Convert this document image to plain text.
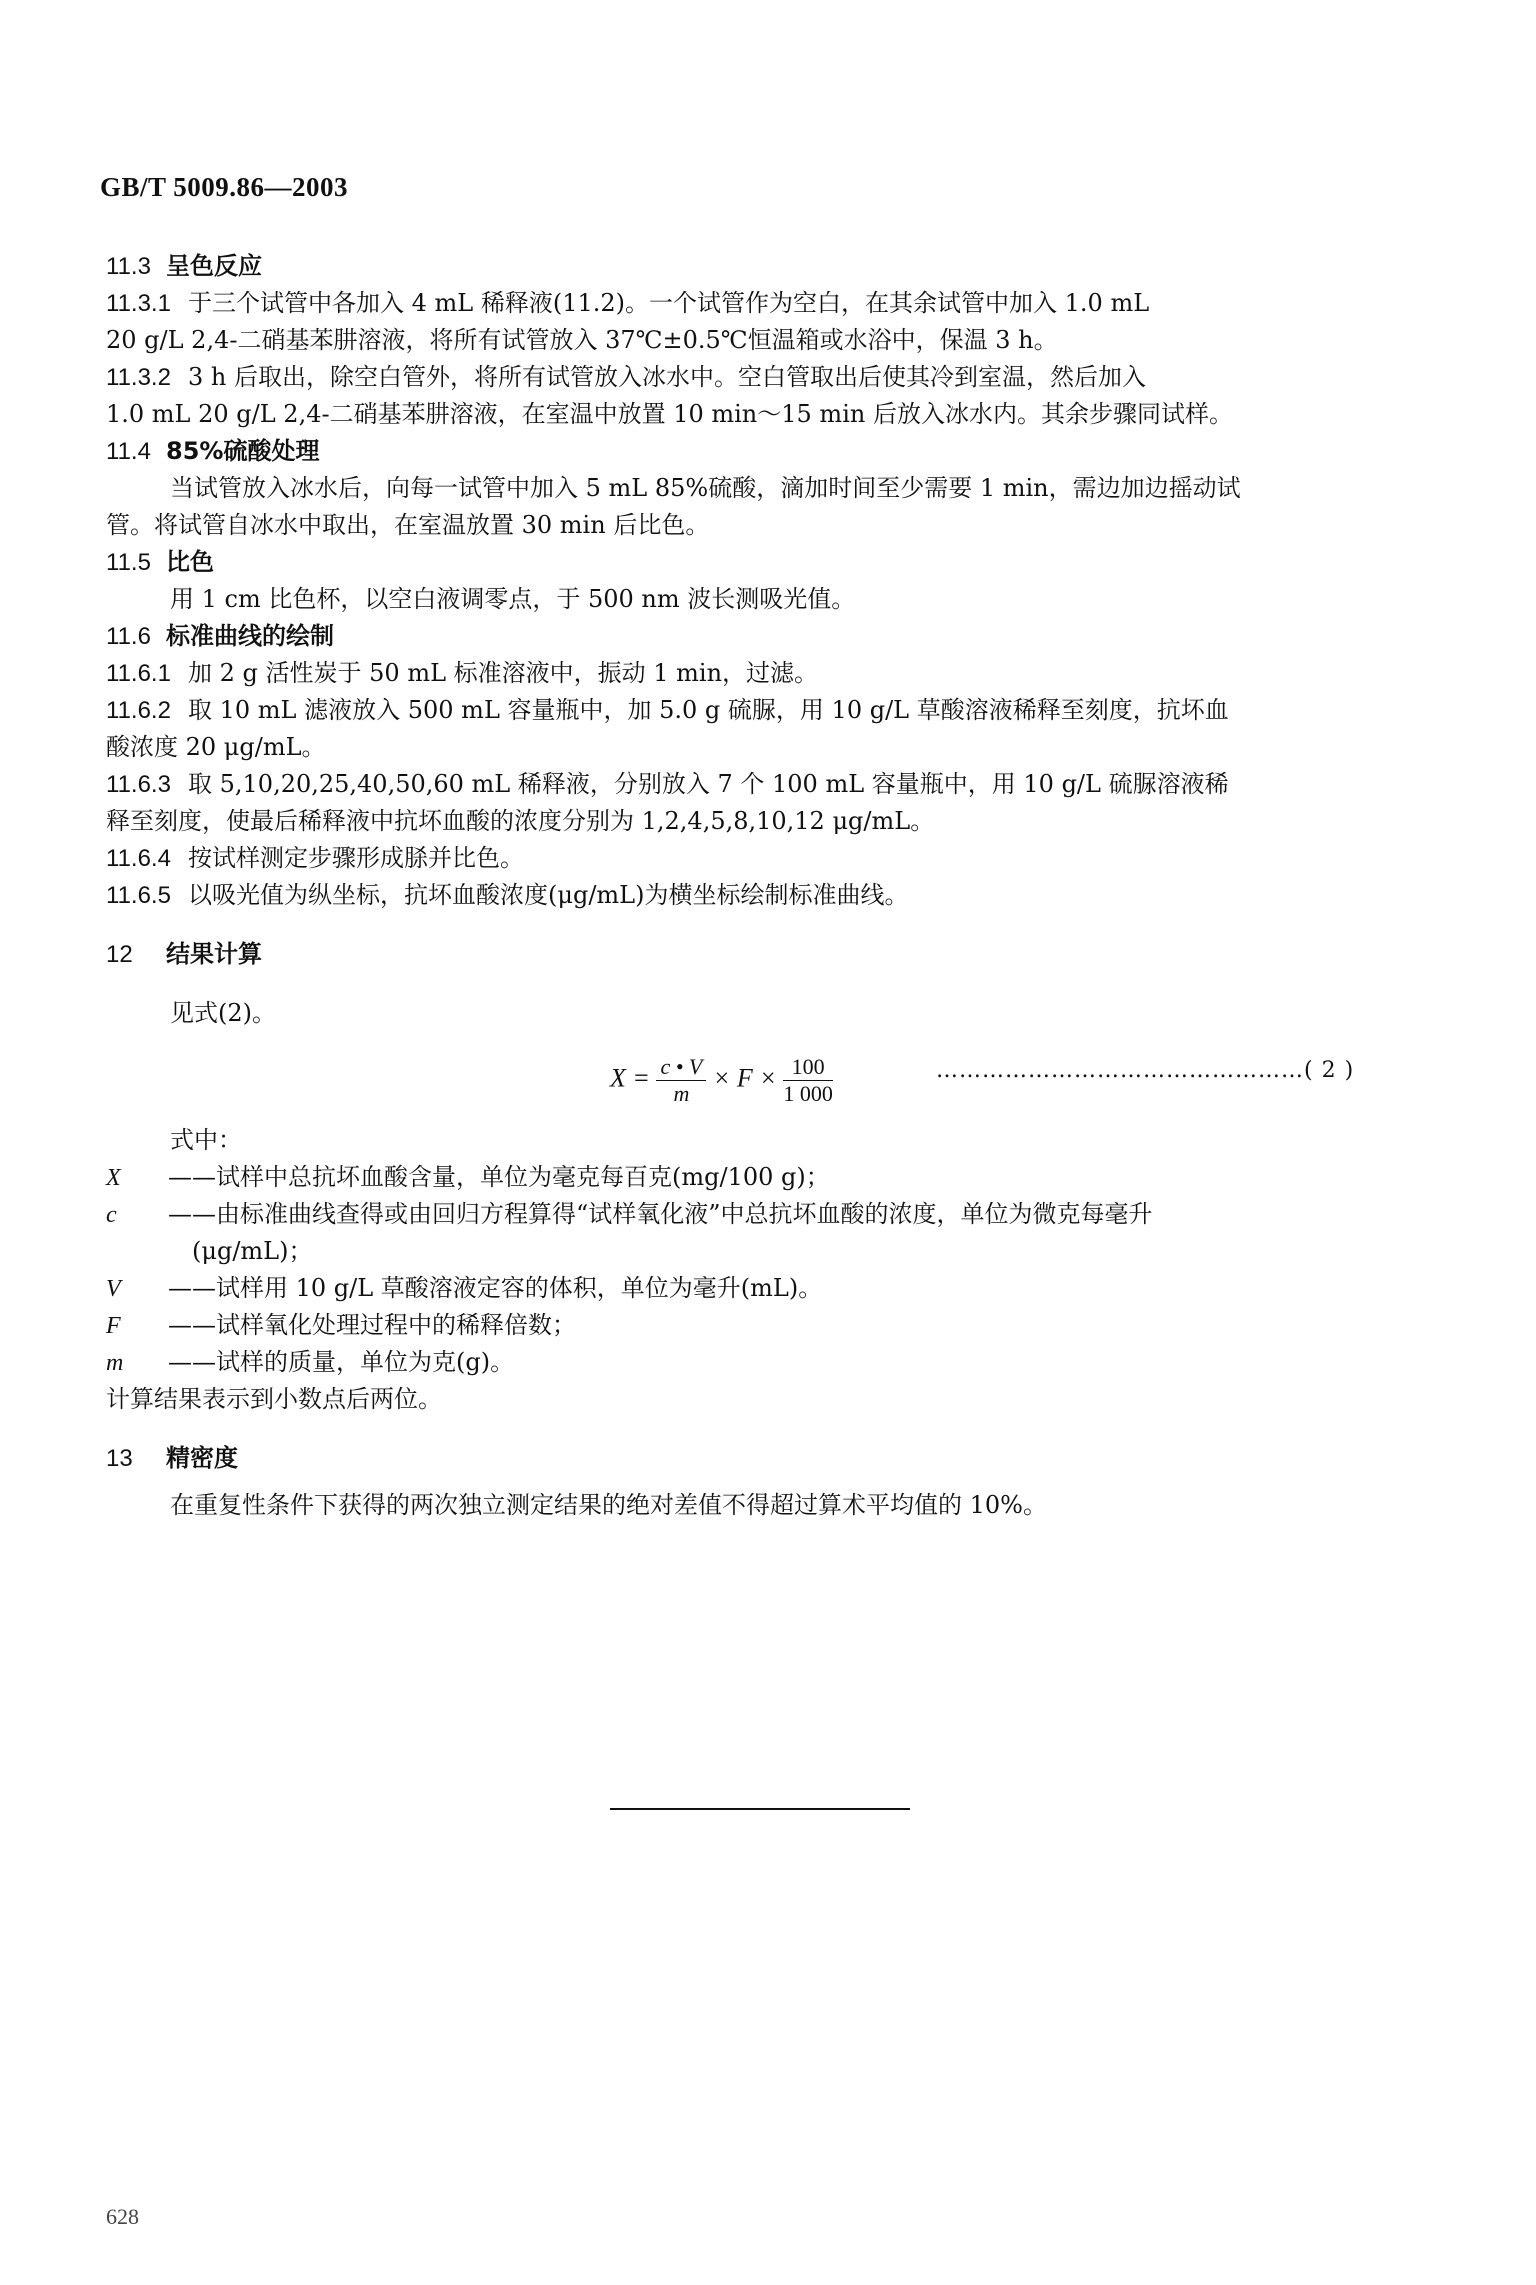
GB/T 5009.86—2003
11.3 呈色反应
11.3.1 于三个试管中各加入 4 mL 稀释液(11.2)。一个试管作为空白，在其余试管中加入 1.0 mL
20 g/L 2,4-二硝基苯肼溶液，将所有试管放入 37℃±0.5℃恒温箱或水浴中，保温 3 h。
11.3.2 3 h 后取出，除空白管外，将所有试管放入冰水中。空白管取出后使其冷到室温，然后加入
1.0 mL 20 g/L 2,4-二硝基苯肼溶液，在室温中放置 10 min～15 min 后放入冰水内。其余步骤同试样。
11.4 85%硫酸处理
当试管放入冰水后，向每一试管中加入 5 mL 85%硫酸，滴加时间至少需要 1 min，需边加边摇动试
管。将试管自冰水中取出，在室温放置 30 min 后比色。
11.5 比色
用 1 cm 比色杯，以空白液调零点，于 500 nm 波长测吸光值。
11.6 标准曲线的绘制
11.6.1 加 2 g 活性炭于 50 mL 标准溶液中，振动 1 min，过滤。
11.6.2 取 10 mL 滤液放入 500 mL 容量瓶中，加 5.0 g 硫脲，用 10 g/L 草酸溶液稀释至刻度，抗坏血
酸浓度 20 μg/mL。
11.6.3 取 5,10,20,25,40,50,60 mL 稀释液，分别放入 7 个 100 mL 容量瓶中，用 10 g/L 硫脲溶液稀
释至刻度，使最后稀释液中抗坏血酸的浓度分别为 1,2,4,5,8,10,12 μg/mL。
11.6.4 按试样测定步骤形成脎并比色。
11.6.5 以吸光值为纵坐标，抗坏血酸浓度(μg/mL)为横坐标绘制标准曲线。
12 结果计算
见式(2)。
$X = \frac{c • V}{m} \times F \times \frac{100}{1 000}$	…………………………………………( 2 )
式中：
X ——试样中总抗坏血酸含量，单位为毫克每百克(mg/100 g)；
c ——由标准曲线查得或由回归方程算得“试样氧化液”中总抗坏血酸的浓度，单位为微克每毫升
(μg/mL)；
V ——试样用 10 g/L 草酸溶液定容的体积，单位为毫升(mL)。
F ——试样氧化处理过程中的稀释倍数；
m ——试样的质量，单位为克(g)。
计算结果表示到小数点后两位。
13 精密度
在重复性条件下获得的两次独立测定结果的绝对差值不得超过算术平均值的 10%。
628
